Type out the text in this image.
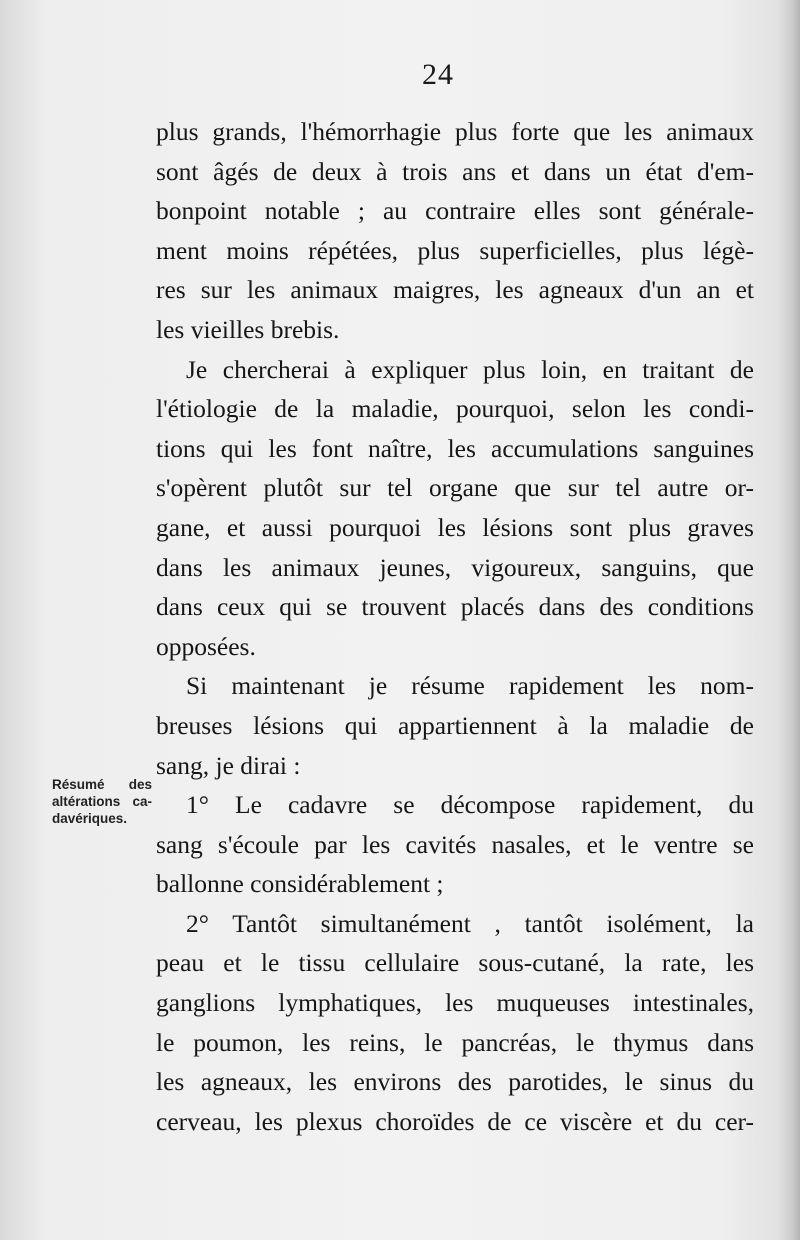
24
Résumé des
altérations ca-
davériques.
plus grands, l'hémorrhagie plus forte que les animaux
sont âgés de deux à trois ans et dans un état d'em-
bonpoint notable ; au contraire elles sont générale-
ment moins répétées, plus superficielles, plus légè-
res sur les animaux maigres, les agneaux d'un an et
les vieilles brebis.
Je chercherai à expliquer plus loin, en traitant de
l'étiologie de la maladie, pourquoi, selon les condi-
tions qui les font naître, les accumulations sanguines
s'opèrent plutôt sur tel organe que sur tel autre or-
gane, et aussi pourquoi les lésions sont plus graves
dans les animaux jeunes, vigoureux, sanguins, que
dans ceux qui se trouvent placés dans des conditions
opposées.
Si maintenant je résume rapidement les nom-
breuses lésions qui appartiennent à la maladie de
sang, je dirai :
1° Le cadavre se décompose rapidement, du
sang s'écoule par les cavités nasales, et le ventre se
ballonne considérablement ;
2° Tantôt simultanément , tantôt isolément, la
peau et le tissu cellulaire sous-cutané, la rate, les
ganglions lymphatiques, les muqueuses intestinales,
le poumon, les reins, le pancréas, le thymus dans
les agneaux, les environs des parotides, le sinus du
cerveau, les plexus choroïdes de ce viscère et du cer-
